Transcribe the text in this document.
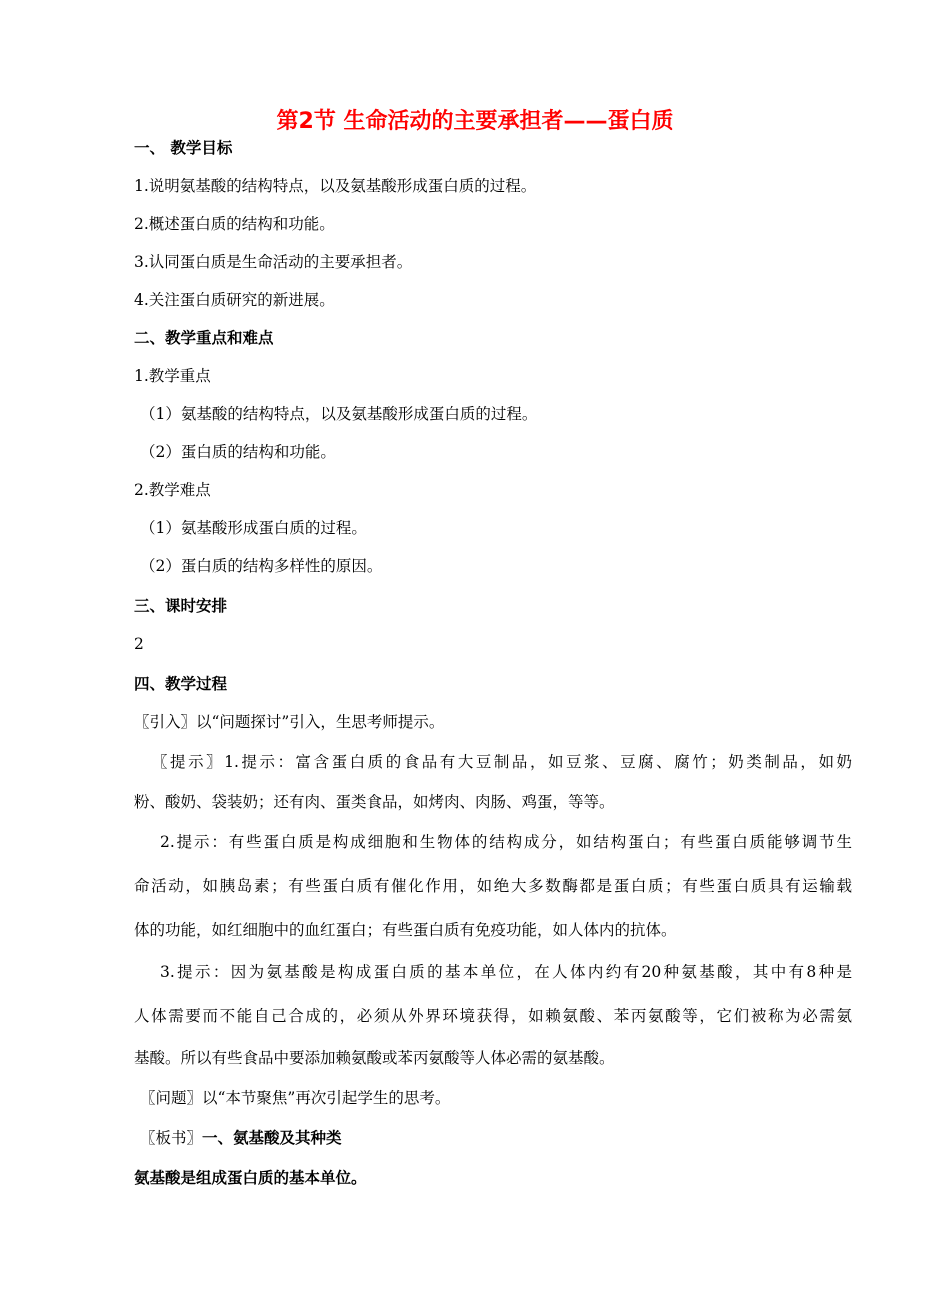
第2节 生命活动的主要承担者——蛋白质
一、 教学目标
1.说明氨基酸的结构特点，以及氨基酸形成蛋白质的过程。
2.概述蛋白质的结构和功能。
3.认同蛋白质是生命活动的主要承担者。
4.关注蛋白质研究的新进展。
二、教学重点和难点
1.教学重点
（1）氨基酸的结构特点，以及氨基酸形成蛋白质的过程。
（2）蛋白质的结构和功能。
2.教学难点
（1）氨基酸形成蛋白质的过程。
（2）蛋白质的结构多样性的原因。
三、课时安排
2
四、教学过程
〖引入〗以“问题探讨”引入，生思考师提示。
〖提示〗1.提示：富含蛋白质的食品有大豆制品，如豆浆、豆腐、腐竹；奶类制品，如奶
粉、酸奶、袋装奶；还有肉、蛋类食品，如烤肉、肉肠、鸡蛋，等等。
2.提示：有些蛋白质是构成细胞和生物体的结构成分，如结构蛋白；有些蛋白质能够调节生
命活动，如胰岛素；有些蛋白质有催化作用，如绝大多数酶都是蛋白质；有些蛋白质具有运输载
体的功能，如红细胞中的血红蛋白；有些蛋白质有免疫功能，如人体内的抗体。
3.提示：因为氨基酸是构成蛋白质的基本单位，在人体内约有20种氨基酸，其中有8种是
人体需要而不能自己合成的，必须从外界环境获得，如赖氨酸、苯丙氨酸等，它们被称为必需氨
基酸。所以有些食品中要添加赖氨酸或苯丙氨酸等人体必需的氨基酸。
〖问题〗以“本节聚焦”再次引起学生的思考。
〖板书〗一、氨基酸及其种类
氨基酸是组成蛋白质的基本单位。
